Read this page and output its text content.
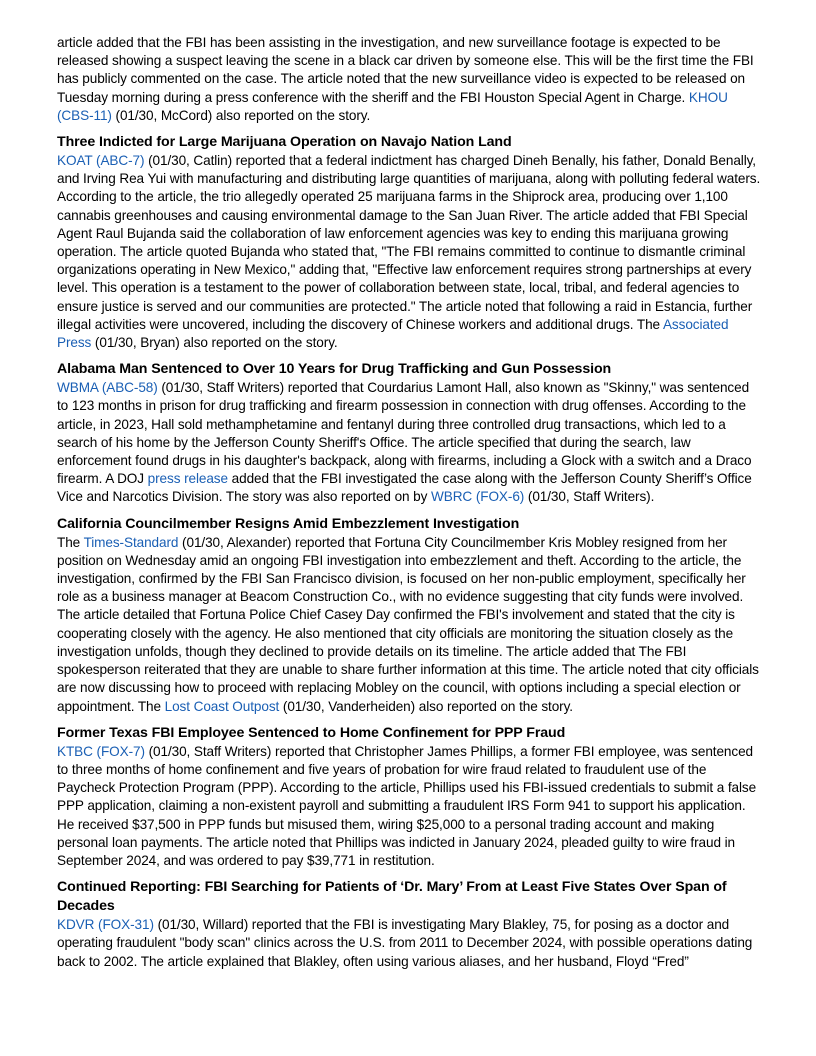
article added that the FBI has been assisting in the investigation, and new surveillance footage is expected to be released showing a suspect leaving the scene in a black car driven by someone else. This will be the first time the FBI has publicly commented on the case. The article noted that the new surveillance video is expected to be released on Tuesday morning during a press conference with the sheriff and the FBI Houston Special Agent in Charge. KHOU (CBS-11) (01/30, McCord) also reported on the story.

Three Indicted for Large Marijuana Operation on Navajo Nation Land

KOAT (ABC-7) (01/30, Catlin) reported that a federal indictment has charged Dineh Benally, his father, Donald Benally, and Irving Rea Yui with manufacturing and distributing large quantities of marijuana, along with polluting federal waters. According to the article, the trio allegedly operated 25 marijuana farms in the Shiprock area, producing over 1,100 cannabis greenhouses and causing environmental damage to the San Juan River. The article added that FBI Special Agent Raul Bujanda said the collaboration of law enforcement agencies was key to ending this marijuana growing operation. The article quoted Bujanda who stated that, "The FBI remains committed to continue to dismantle criminal organizations operating in New Mexico," adding that, "Effective law enforcement requires strong partnerships at every level. This operation is a testament to the power of collaboration between state, local, tribal, and federal agencies to ensure justice is served and our communities are protected." The article noted that following a raid in Estancia, further illegal activities were uncovered, including the discovery of Chinese workers and additional drugs. The Associated Press (01/30, Bryan) also reported on the story.

Alabama Man Sentenced to Over 10 Years for Drug Trafficking and Gun Possession

WBMA (ABC-58) (01/30, Staff Writers) reported that Courdarius Lamont Hall, also known as "Skinny," was sentenced to 123 months in prison for drug trafficking and firearm possession in connection with drug offenses. According to the article, in 2023, Hall sold methamphetamine and fentanyl during three controlled drug transactions, which led to a search of his home by the Jefferson County Sheriff's Office. The article specified that during the search, law enforcement found drugs in his daughter's backpack, along with firearms, including a Glock with a switch and a Draco firearm. A DOJ press release added that the FBI investigated the case along with the Jefferson County Sheriff’s Office Vice and Narcotics Division. The story was also reported on by WBRC (FOX-6) (01/30, Staff Writers).

California Councilmember Resigns Amid Embezzlement Investigation

The Times-Standard (01/30, Alexander) reported that Fortuna City Councilmember Kris Mobley resigned from her position on Wednesday amid an ongoing FBI investigation into embezzlement and theft. According to the article, the investigation, confirmed by the FBI San Francisco division, is focused on her non-public employment, specifically her role as a business manager at Beacom Construction Co., with no evidence suggesting that city funds were involved. The article detailed that Fortuna Police Chief Casey Day confirmed the FBI's involvement and stated that the city is cooperating closely with the agency. He also mentioned that city officials are monitoring the situation closely as the investigation unfolds, though they declined to provide details on its timeline. The article added that The FBI spokesperson reiterated that they are unable to share further information at this time. The article noted that city officials are now discussing how to proceed with replacing Mobley on the council, with options including a special election or appointment. The Lost Coast Outpost (01/30, Vanderheiden) also reported on the story.

Former Texas FBI Employee Sentenced to Home Confinement for PPP Fraud

KTBC (FOX-7) (01/30, Staff Writers) reported that Christopher James Phillips, a former FBI employee, was sentenced to three months of home confinement and five years of probation for wire fraud related to fraudulent use of the Paycheck Protection Program (PPP). According to the article, Phillips used his FBI-issued credentials to submit a false PPP application, claiming a non-existent payroll and submitting a fraudulent IRS Form 941 to support his application. He received $37,500 in PPP funds but misused them, wiring $25,000 to a personal trading account and making personal loan payments. The article noted that Phillips was indicted in January 2024, pleaded guilty to wire fraud in September 2024, and was ordered to pay $39,771 in restitution.

Continued Reporting: FBI Searching for Patients of ‘Dr. Mary’ From at Least Five States Over Span of Decades

KDVR (FOX-31) (01/30, Willard) reported that the FBI is investigating Mary Blakley, 75, for posing as a doctor and operating fraudulent "body scan" clinics across the U.S. from 2011 to December 2024, with possible operations dating back to 2002. The article explained that Blakley, often using various aliases, and her husband, Floyd “Fred”
